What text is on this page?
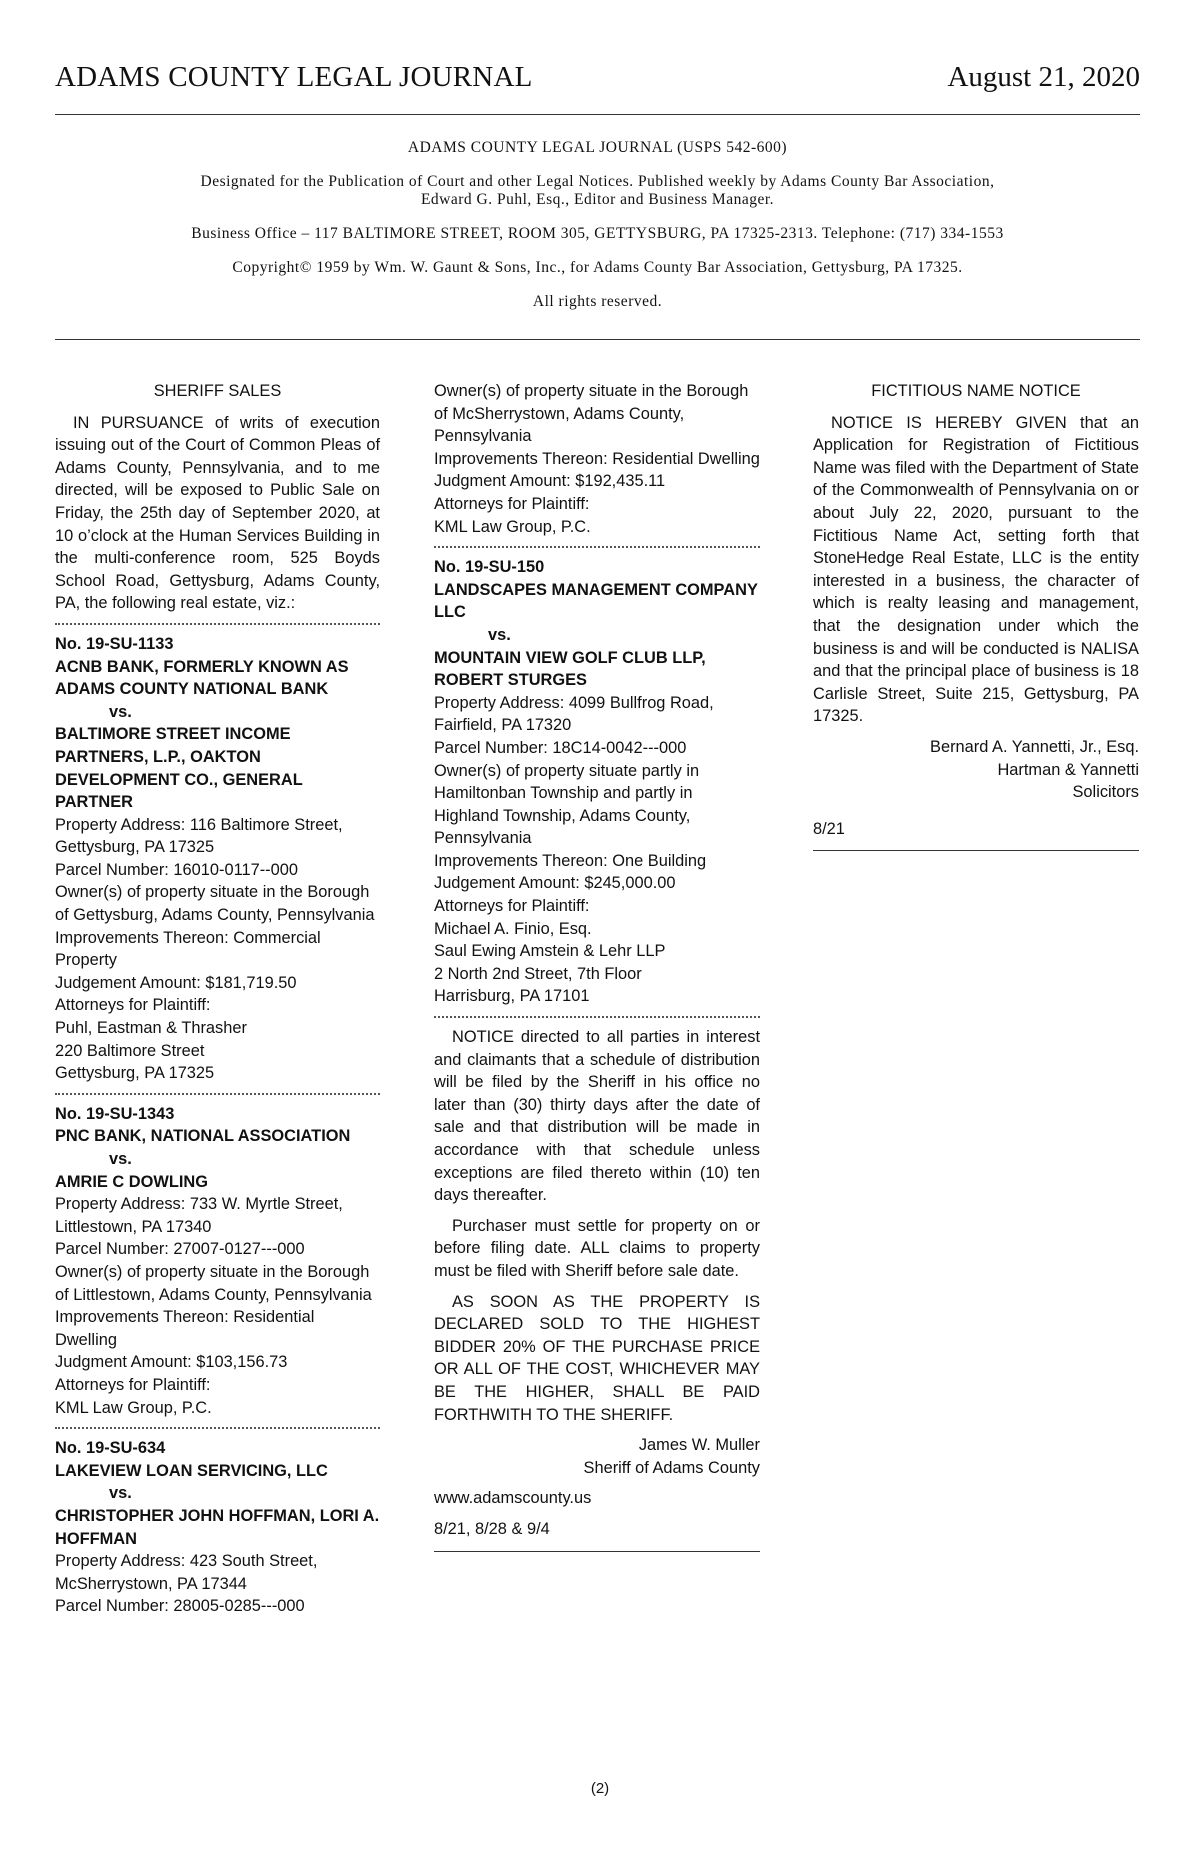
ADAMS COUNTY LEGAL JOURNAL	August 21, 2020

ADAMS COUNTY LEGAL JOURNAL (USPS 542-600)

Designated for the Publication of Court and other Legal Notices. Published weekly by Adams County Bar Association,
Edward G. Puhl, Esq., Editor and Business Manager.

Business Office – 117 BALTIMORE STREET, ROOM 305, GETTYSBURG, PA 17325-2313. Telephone: (717) 334-1553

Copyright© 1959 by Wm. W. Gaunt & Sons, Inc., for Adams County Bar Association, Gettysburg, PA 17325.

All rights reserved.

SHERIFF SALES

IN PURSUANCE of writs of execution issuing out of the Court of Common Pleas of Adams County, Pennsylvania, and to me directed, will be exposed to Public Sale on Friday, the 25th day of September 2020, at 10 o’clock at the Human Services Building in the multi-conference room, 525 Boyds School Road, Gettysburg, Adams County, PA, the following real estate, viz.:

No. 19-SU-1133
ACNB BANK, FORMERLY KNOWN AS ADAMS COUNTY NATIONAL BANK
vs.
BALTIMORE STREET INCOME PARTNERS, L.P., OAKTON DEVELOPMENT CO., GENERAL PARTNER
Property Address: 116 Baltimore Street, Gettysburg, PA 17325
Parcel Number: 16010-0117--000
Owner(s) of property situate in the Borough of Gettysburg, Adams County, Pennsylvania
Improvements Thereon: Commercial Property
Judgement Amount: $181,719.50
Attorneys for Plaintiff:
Puhl, Eastman & Thrasher
220 Baltimore Street
Gettysburg, PA 17325
No. 19-SU-1343
PNC BANK, NATIONAL ASSOCIATION
vs.
AMRIE C DOWLING
Property Address: 733 W. Myrtle Street, Littlestown, PA 17340
Parcel Number: 27007-0127---000
Owner(s) of property situate in the Borough of Littlestown, Adams County, Pennsylvania
Improvements Thereon: Residential Dwelling
Judgment Amount: $103,156.73
Attorneys for Plaintiff:
KML Law Group, P.C.
No. 19-SU-634
LAKEVIEW LOAN SERVICING, LLC
vs.
CHRISTOPHER JOHN HOFFMAN, LORI A. HOFFMAN
Property Address: 423 South Street, McSherrystown, PA 17344
Parcel Number: 28005-0285---000
Owner(s) of property situate in the Borough of McSherrystown, Adams County, Pennsylvania
Improvements Thereon: Residential Dwelling
Judgment Amount: $192,435.11
Attorneys for Plaintiff:
KML Law Group, P.C.
No. 19-SU-150
LANDSCAPES MANAGEMENT COMPANY LLC
vs.
MOUNTAIN VIEW GOLF CLUB LLP, ROBERT STURGES
Property Address: 4099 Bullfrog Road, Fairfield, PA 17320
Parcel Number: 18C14-0042---000
Owner(s) of property situate partly in Hamiltonban Township and partly in Highland Township, Adams County, Pennsylvania
Improvements Thereon: One Building
Judgement Amount: $245,000.00
Attorneys for Plaintiff:
Michael A. Finio, Esq.
Saul Ewing Amstein & Lehr LLP
2 North 2nd Street, 7th Floor
Harrisburg, PA 17101

NOTICE directed to all parties in interest and claimants that a schedule of distribution will be filed by the Sheriff in his office no later than (30) thirty days after the date of sale and that distribution will be made in accordance with that schedule unless exceptions are filed thereto within (10) ten days thereafter.

Purchaser must settle for property on or before filing date. ALL claims to property must be filed with Sheriff before sale date.

AS SOON AS THE PROPERTY IS DECLARED SOLD TO THE HIGHEST BIDDER 20% OF THE PURCHASE PRICE OR ALL OF THE COST, WHICHEVER MAY BE THE HIGHER, SHALL BE PAID FORTHWITH TO THE SHERIFF.

James W. Muller

Sheriff of Adams County

www.adamscounty.us

8/21, 8/28 & 9/4

FICTITIOUS NAME NOTICE

NOTICE IS HEREBY GIVEN that an Application for Registration of Fictitious Name was filed with the Department of State of the Commonwealth of Pennsylvania on or about July 22, 2020, pursuant to the Fictitious Name Act, setting forth that StoneHedge Real Estate, LLC is the entity interested in a business, the character of which is realty leasing and management, that the designation under which the business is and will be conducted is NALISA and that the principal place of business is 18 Carlisle Street, Suite 215, Gettysburg, PA 17325.

Bernard A. Yannetti, Jr., Esq.

Hartman & Yannetti

Solicitors

8/21

(2)
